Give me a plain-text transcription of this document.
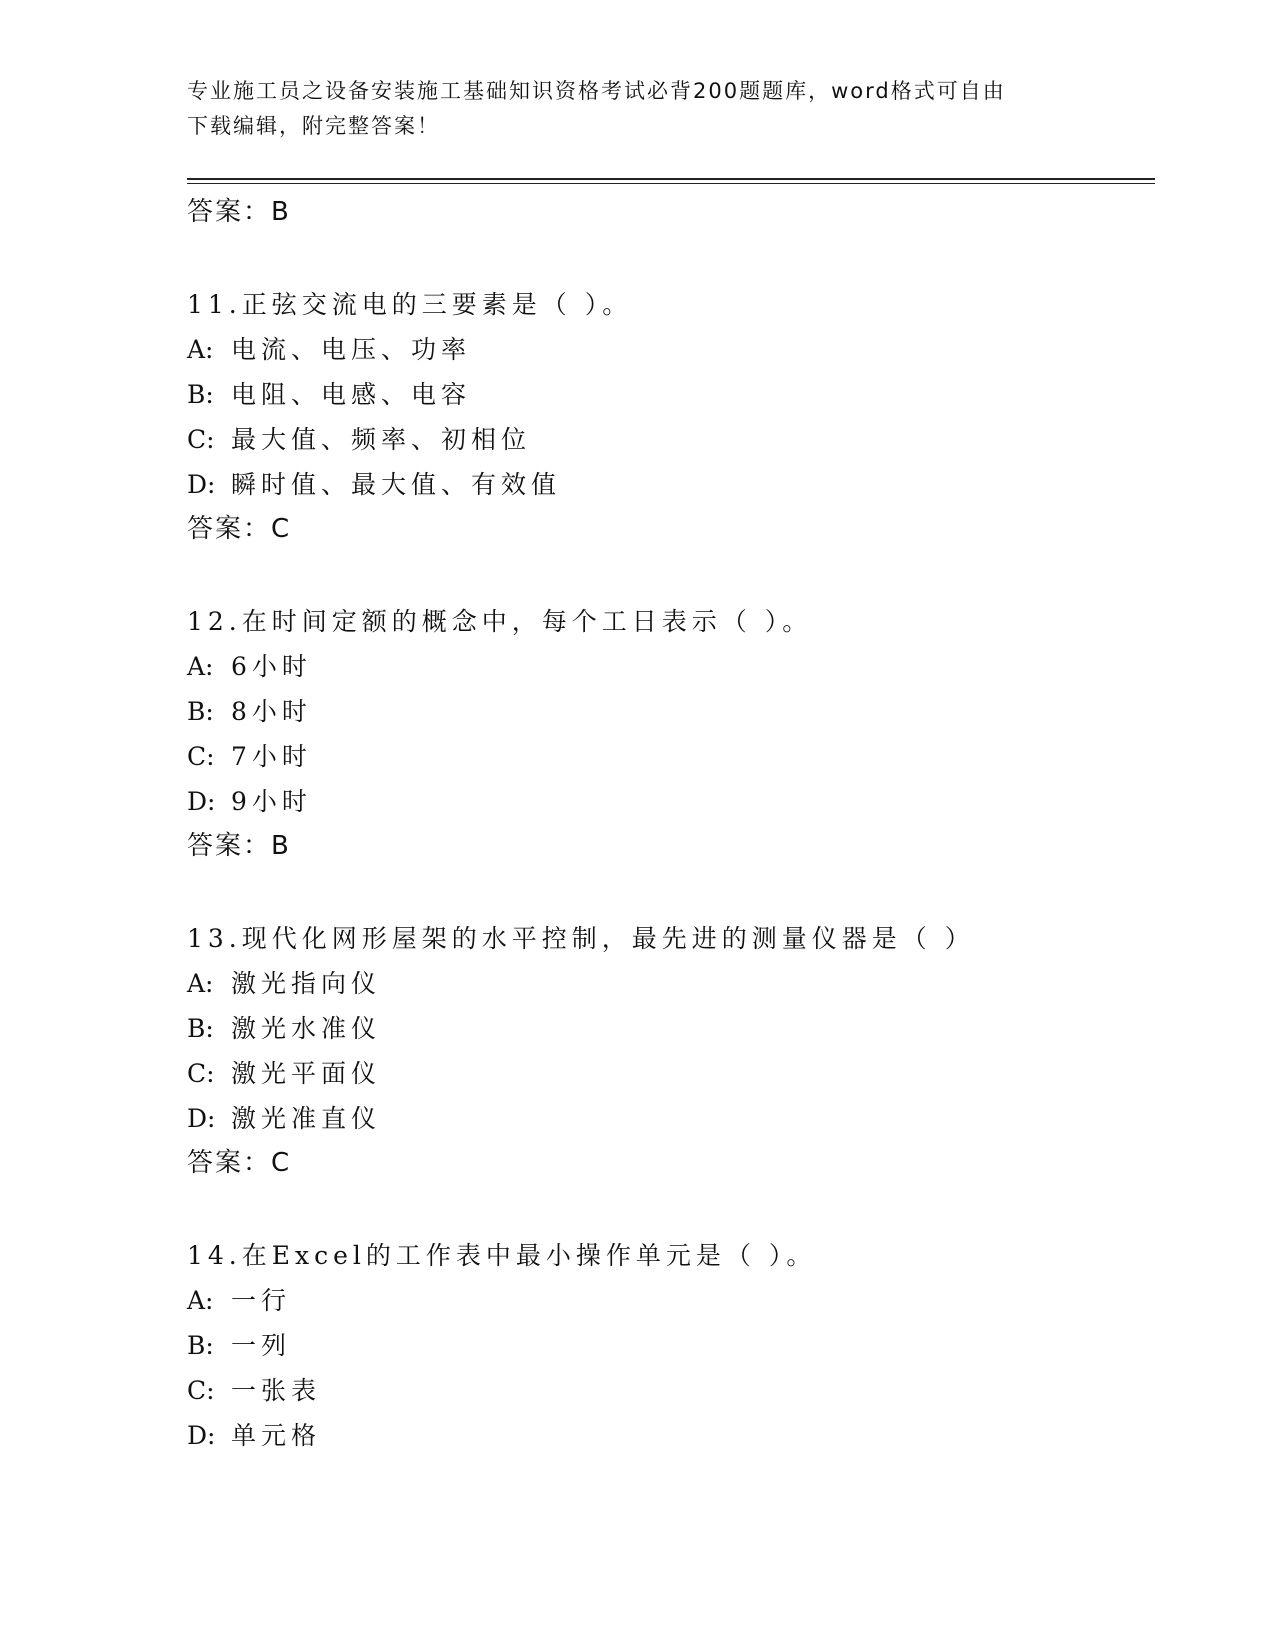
专业施工员之设备安装施工基础知识资格考试必背200题题库，word格式可自由
下载编辑，附完整答案！
答案：B
11.正弦交流电的三要素是（ ）。
A: 电流、电压、功率
B: 电阻、电感、电容
C: 最大值、频率、初相位
D: 瞬时值、最大值、有效值
答案：C
12.在时间定额的概念中，每个工日表示（ ）。
A: 6小时
B: 8小时
C: 7小时
D: 9小时
答案：B
13.现代化网形屋架的水平控制，最先进的测量仪器是（ ）
A: 激光指向仪
B: 激光水准仪
C: 激光平面仪
D: 激光准直仪
答案：C
14.在Excel的工作表中最小操作单元是（ ）。
A: 一行
B: 一列
C: 一张表
D: 单元格
